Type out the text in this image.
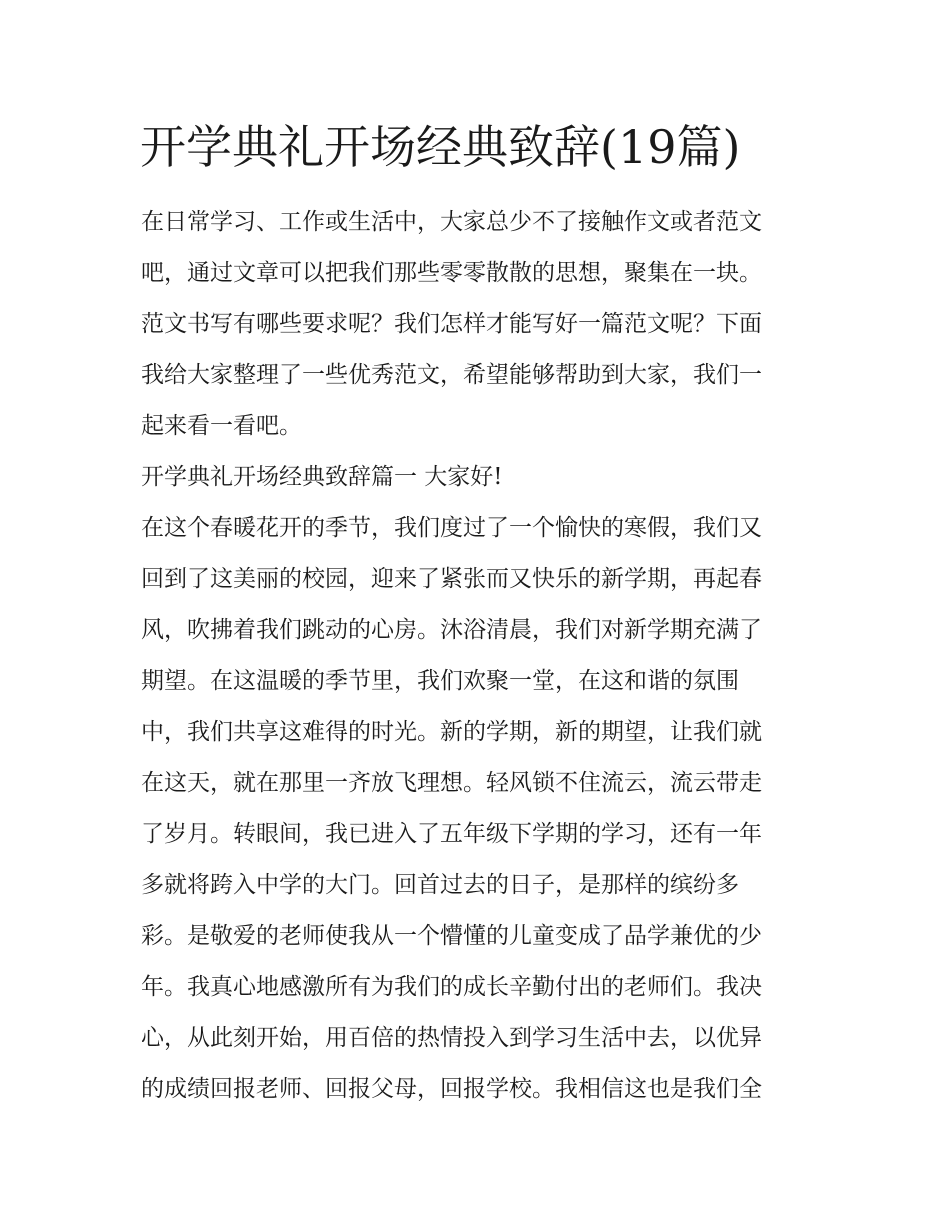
开学典礼开场经典致辞(19篇)

在日常学习、工作或生活中，大家总少不了接触作文或者范文

吧，通过文章可以把我们那些零零散散的思想，聚集在一块。

范文书写有哪些要求呢？我们怎样才能写好一篇范文呢？下面

我给大家整理了一些优秀范文，希望能够帮助到大家，我们一

起来看一看吧。

开学典礼开场经典致辞篇一 大家好!

在这个春暖花开的季节，我们度过了一个愉快的寒假，我们又

回到了这美丽的校园，迎来了紧张而又快乐的新学期，再起春

风，吹拂着我们跳动的心房。沐浴清晨，我们对新学期充满了

期望。在这温暖的季节里，我们欢聚一堂，在这和谐的氛围

中，我们共享这难得的时光。新的学期，新的期望，让我们就

在这天，就在那里一齐放飞理想。轻风锁不住流云，流云带走

了岁月。转眼间，我已进入了五年级下学期的学习，还有一年

多就将跨入中学的大门。回首过去的日子，是那样的缤纷多

彩。是敬爱的老师使我从一个懵懂的儿童变成了品学兼优的少

年。我真心地感激所有为我们的成长辛勤付出的老师们。我决

心，从此刻开始，用百倍的热情投入到学习生活中去，以优异

的成绩回报老师、回报父母，回报学校。我相信这也是我们全
